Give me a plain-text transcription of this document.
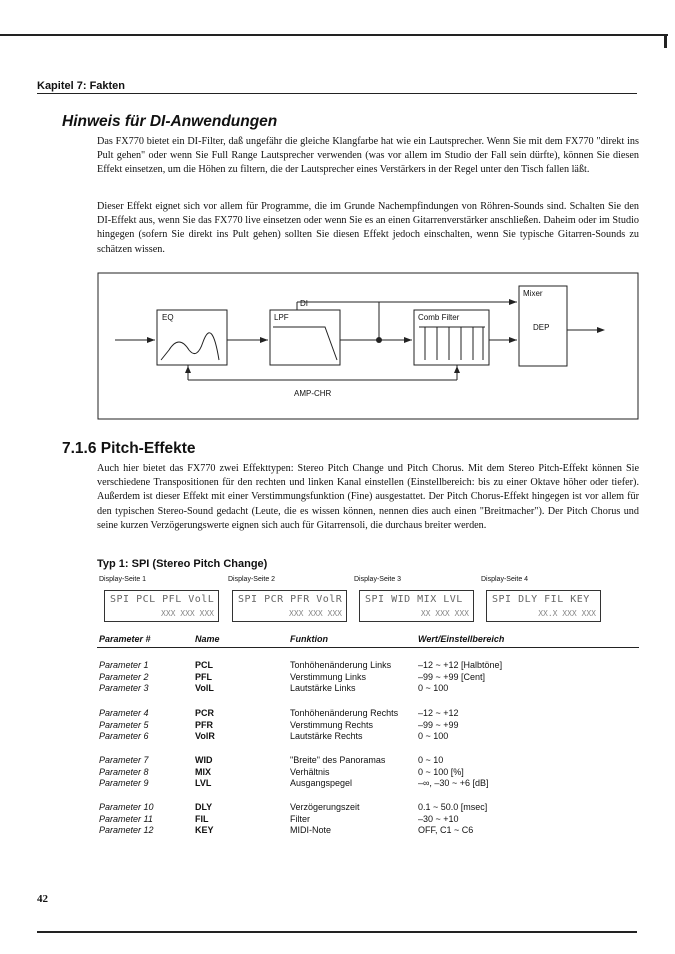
Kapitel 7: Fakten
Hinweis für DI-Anwendungen
Das FX770 bietet ein DI-Filter, daß ungefähr die gleiche Klangfarbe hat wie ein Lautsprecher. Wenn Sie mit dem FX770 "direkt ins Pult gehen" oder wenn Sie Full Range Lautsprecher verwenden (was vor allem im Studio der Fall sein dürfte), können Sie diesen Effekt einsetzen, um die Höhen zu filtern, die der Lautsprecher eines Verstärkers in der Regel unter den Tisch fallen läßt.
Dieser Effekt eignet sich vor allem für Programme, die im Grunde Nachempfindungen von Röhren-Sounds sind. Schalten Sie den DI-Effekt aus, wenn Sie das FX770 live einsetzen oder wenn Sie es an einen Gitarrenverstärker anschließen. Daheim oder im Studio hingegen (sofern Sie direkt ins Pult gehen) sollten Sie diesen Effekt jedoch einschalten, wenn Sie typische Gitarren-Sounds zu schätzen wissen.
EQ	LPF
DI
Comb Filter
Mixer
DEP
AMP-CHR
7.1.6 Pitch-Effekte
Auch hier bietet das FX770 zwei Effekttypen: Stereo Pitch Change und Pitch Chorus. Mit dem Stereo Pitch-Effekt können Sie verschiedene Transpositionen für den rechten und linken Kanal einstellen (Einstellbereich: bis zu einer Oktave höher oder tiefer). Außerdem ist dieser Effekt mit einer Verstimmungsfunktion (Fine) ausgestattet. Der Pitch Chorus-Effekt hingegen ist vor allem für den typischen Stereo-Sound gedacht (Leute, die es wissen können, nennen dies auch einen "Breitmacher"). Der Pitch Chorus und seine kurzen Verzögerungswerte eignen sich auch für Gitarrensoli, die durchaus breiter werden.
Typ 1: SPI (Stereo Pitch Change)
Display-Seite 1	Display-Seite 2	Display-Seite 3	Display-Seite 4
SPI PCL PFL VolL
XXX XXX XXX
SPI PCR PFR VolR
XXX XXX XXX
SPI WID MIX LVL
XX XXX XXX
SPI DLY FIL KEY
XX.X XXX XXX
Parameter #	Name	Funktion	Wert/Einstellbereich
Parameter 1	PCL	Tonhöhenänderung Links	–12 ~ +12 [Halbtöne]
Parameter 2	PFL	Verstimmung Links	–99 ~ +99 [Cent]
Parameter 3	VolL	Lautstärke Links	0 ~ 100
Parameter 4	PCR	Tonhöhenänderung Rechts –12 ~ +12
Parameter 5	PFR	Verstimmung Rechts	–99 ~ +99
Parameter 6	VolR	Lautstärke Rechts	0 ~ 100
Parameter 7	WID	"Breite" des Panoramas	0 ~ 10
Parameter 8	MIX	Verhältnis	0 ~ 100 [%]
Parameter 9	LVL	Ausgangspegel	–∞, –30 ~ +6 [dB]
Parameter 10	DLY	Verzögerungszeit	0.1 ~ 50.0 [msec]
Parameter 11	FIL	Filter	–30 ~ +10
Parameter 12	KEY	MIDI-Note	OFF, C1 ~ C6
42
